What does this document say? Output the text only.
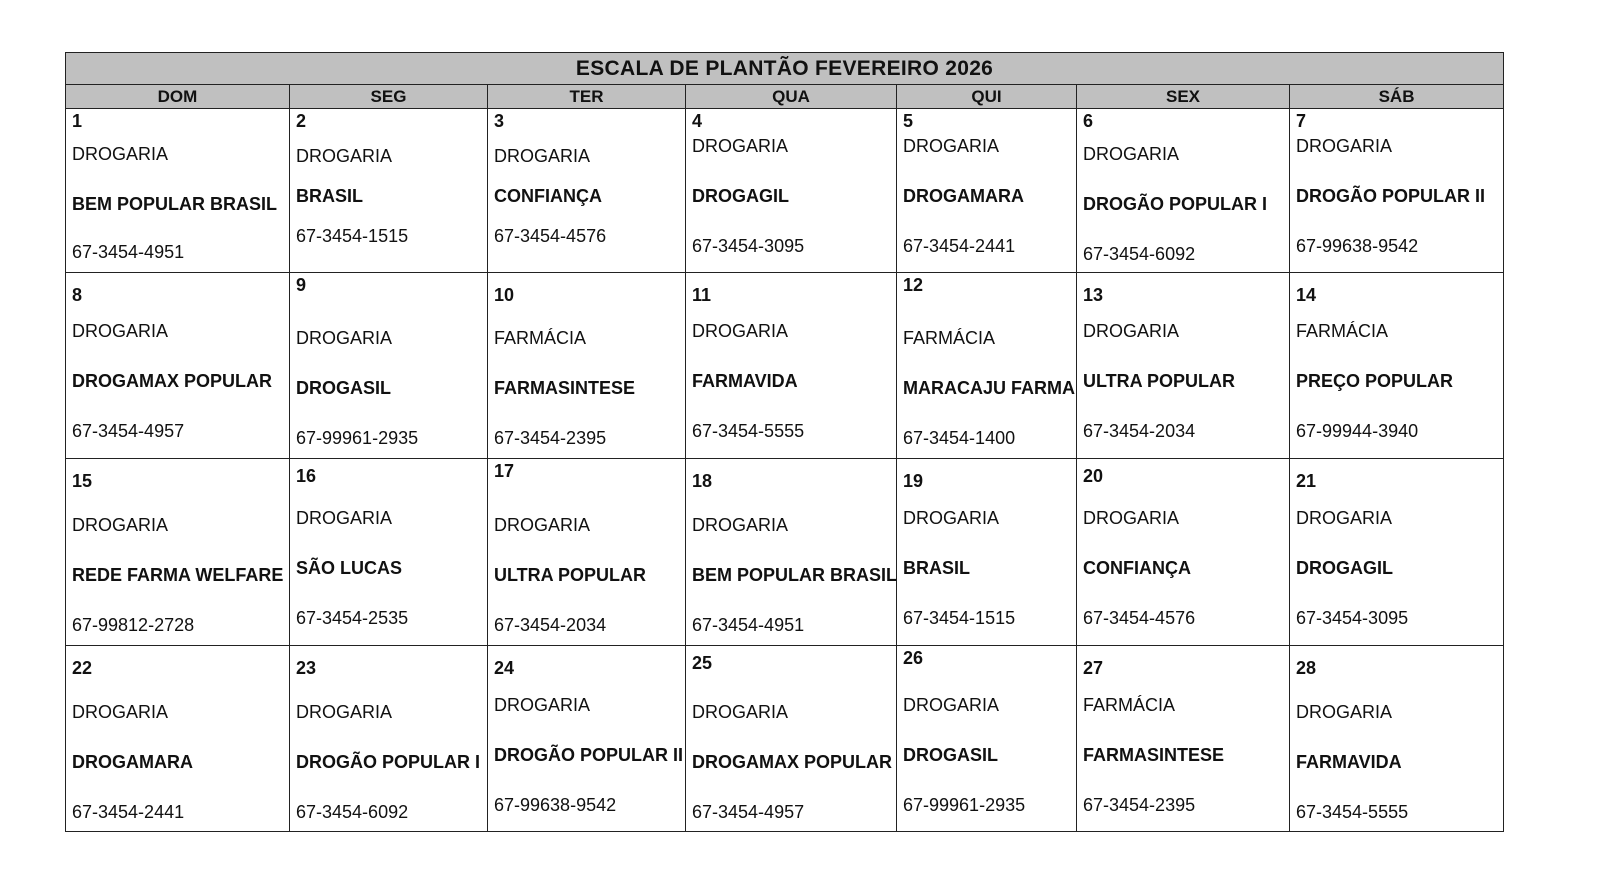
ESCALA DE PLANTÃO FEVEREIRO 2026						
DOM	SEG	TER	QUA	QUI	SEX	SÁB

1
DROGARIA
BEM POPULAR BRASIL
67-3454-4951	2
DROGARIA
BRASIL
67-3454-1515	3
DROGARIA
CONFIANÇA
67-3454-4576	4
DROGARIA
DROGAGIL
67-3454-3095	5
DROGARIA
DROGAMARA
67-3454-2441	6
DROGARIA
DROGÃO POPULAR I
67-3454-6092	7
DROGARIA
DROGÃO POPULAR II
67-99638-9542

8
DROGARIA
DROGAMAX POPULAR
67-3454-4957	9
DROGARIA
DROGASIL
67-99961-2935	10
FARMÁCIA
FARMASINTESE
67-3454-2395	11
DROGARIA
FARMAVIDA
67-3454-5555	12
FARMÁCIA
MARACAJU FARMA
67-3454-1400	13
DROGARIA
ULTRA POPULAR
67-3454-2034	14
FARMÁCIA
PREÇO POPULAR
67-99944-3940

15
DROGARIA
REDE FARMA WELFARE
67-99812-2728	16
DROGARIA
SÃO LUCAS
67-3454-2535	17
DROGARIA
ULTRA POPULAR
67-3454-2034	18
DROGARIA
BEM POPULAR BRASIL
67-3454-4951	19
DROGARIA
BRASIL
67-3454-1515	20
DROGARIA
CONFIANÇA
67-3454-4576	21
DROGARIA
DROGAGIL
67-3454-3095

22
DROGARIA
DROGAMARA
67-3454-2441	23
DROGARIA
DROGÃO POPULAR I
67-3454-6092	24
DROGARIA
DROGÃO POPULAR II
67-99638-9542	25
DROGARIA
DROGAMAX POPULAR
67-3454-4957	26
DROGARIA
DROGASIL
67-99961-2935	27
FARMÁCIA
FARMASINTESE
67-3454-2395	28
DROGARIA
FARMAVIDA
67-3454-5555
